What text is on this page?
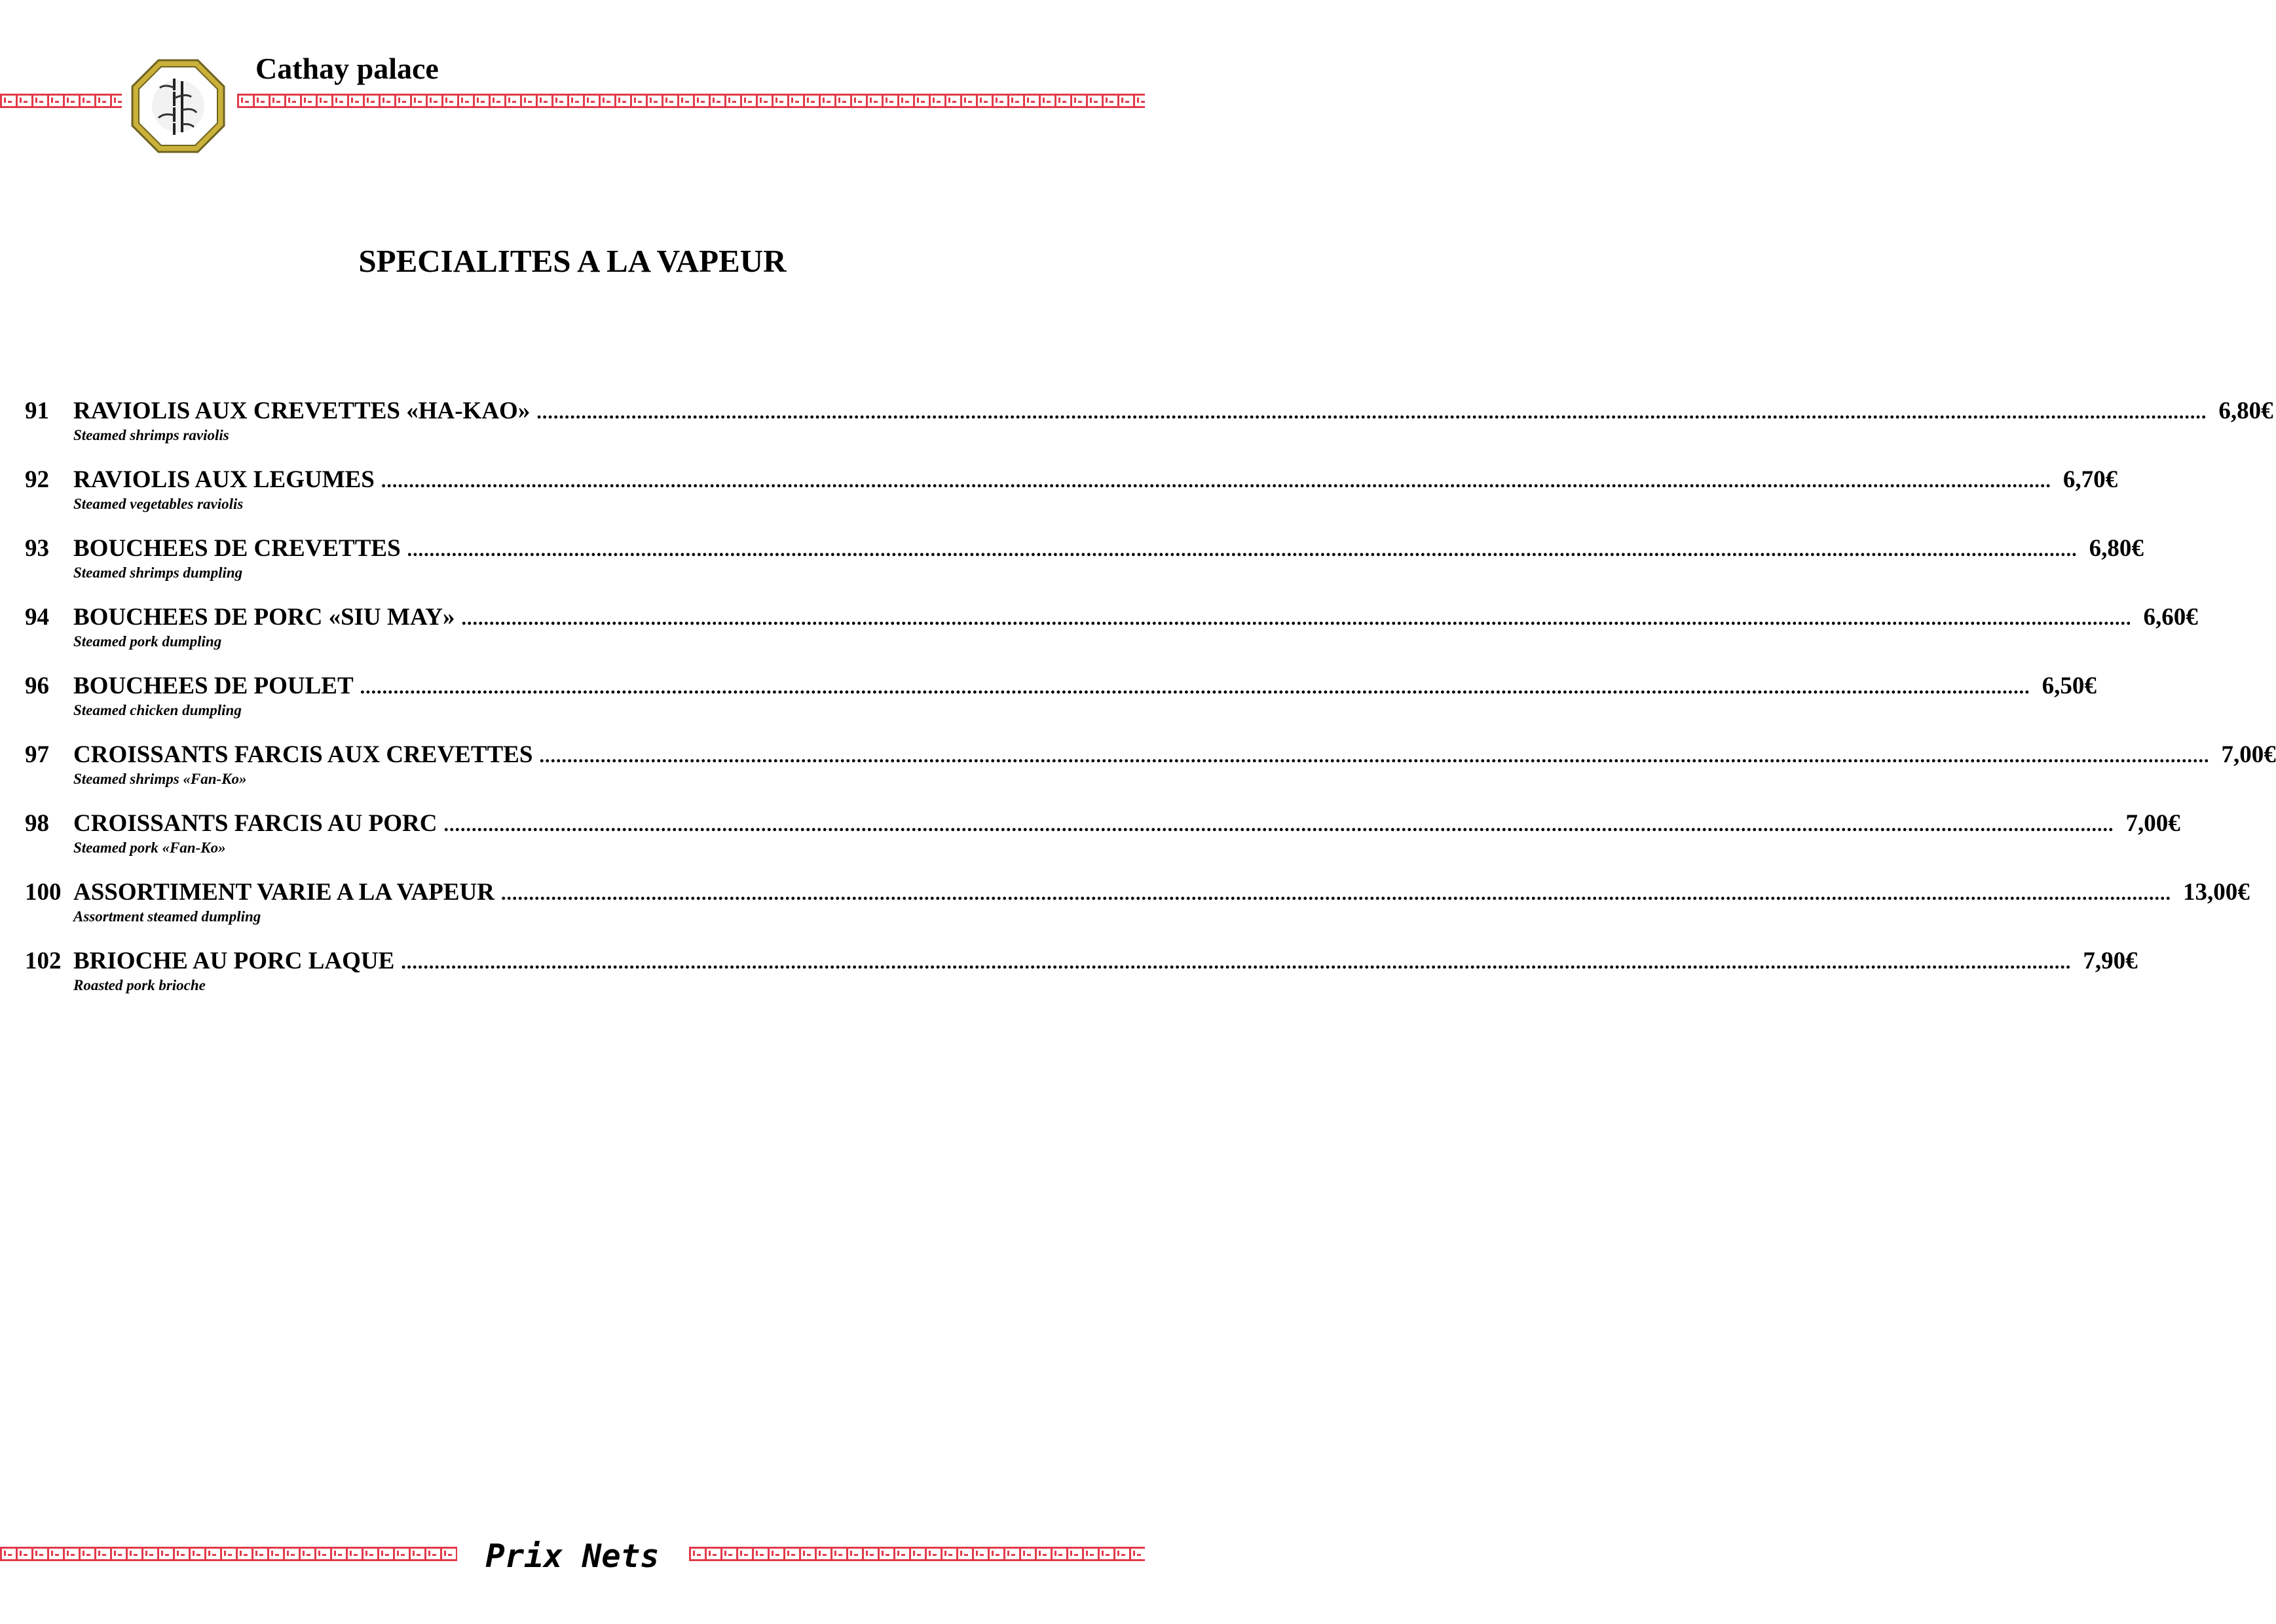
Cathay palace
SPECIALITES A LA VAPEUR
91	RAVIOLIS AUX CREVETTES «HA-KAO» ............................................................................................................................................................................................................................................................................................................ 6,80€
Steamed shrimps raviolis
92	RAVIOLIS AUX LEGUMES ............................................................................................................................................................................................................................................................................................................ 6,70€
Steamed vegetables raviolis
93	BOUCHEES DE CREVETTES ............................................................................................................................................................................................................................................................................................................ 6,80€
Steamed shrimps dumpling
94	BOUCHEES DE PORC «SIU MAY» ............................................................................................................................................................................................................................................................................................................ 6,60€
Steamed pork dumpling
96	BOUCHEES DE POULET ............................................................................................................................................................................................................................................................................................................ 6,50€
Steamed chicken dumpling
97	CROISSANTS FARCIS AUX CREVETTES ............................................................................................................................................................................................................................................................................................................ 7,00€
Steamed shrimps «Fan-Ko»
98	CROISSANTS FARCIS AU PORC ............................................................................................................................................................................................................................................................................................................ 7,00€
Steamed pork «Fan-Ko»
100 ASSORTIMENT VARIE A LA VAPEUR ............................................................................................................................................................................................................................................................................................................ 13,00€
Assortment steamed dumpling
102 BRIOCHE AU PORC LAQUE ............................................................................................................................................................................................................................................................................................................ 7,90€
Roasted pork brioche
Prix Nets
